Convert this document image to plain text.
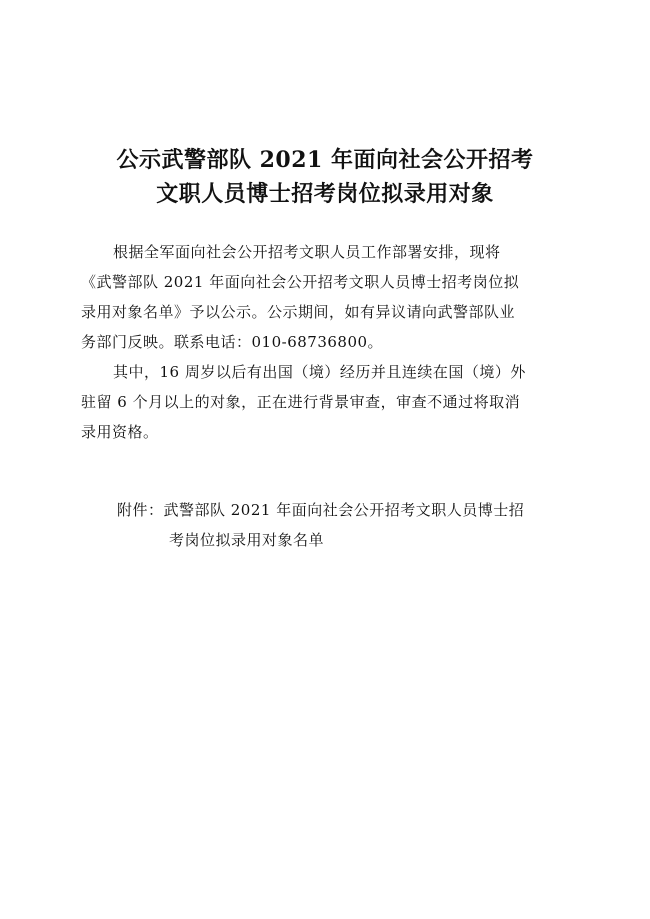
公示武警部队 2021 年面向社会公开招考
文职人员博士招考岗位拟录用对象
根据全军面向社会公开招考文职人员工作部署安排，现将
《武警部队 2021 年面向社会公开招考文职人员博士招考岗位拟
录用对象名单》予以公示。公示期间，如有异议请向武警部队业
务部门反映。联系电话：010-68736800。
其中，16 周岁以后有出国（境）经历并且连续在国（境）外
驻留 6 个月以上的对象，正在进行背景审查，审查不通过将取消
录用资格。
附件：武警部队 2021 年面向社会公开招考文职人员博士招
考岗位拟录用对象名单
